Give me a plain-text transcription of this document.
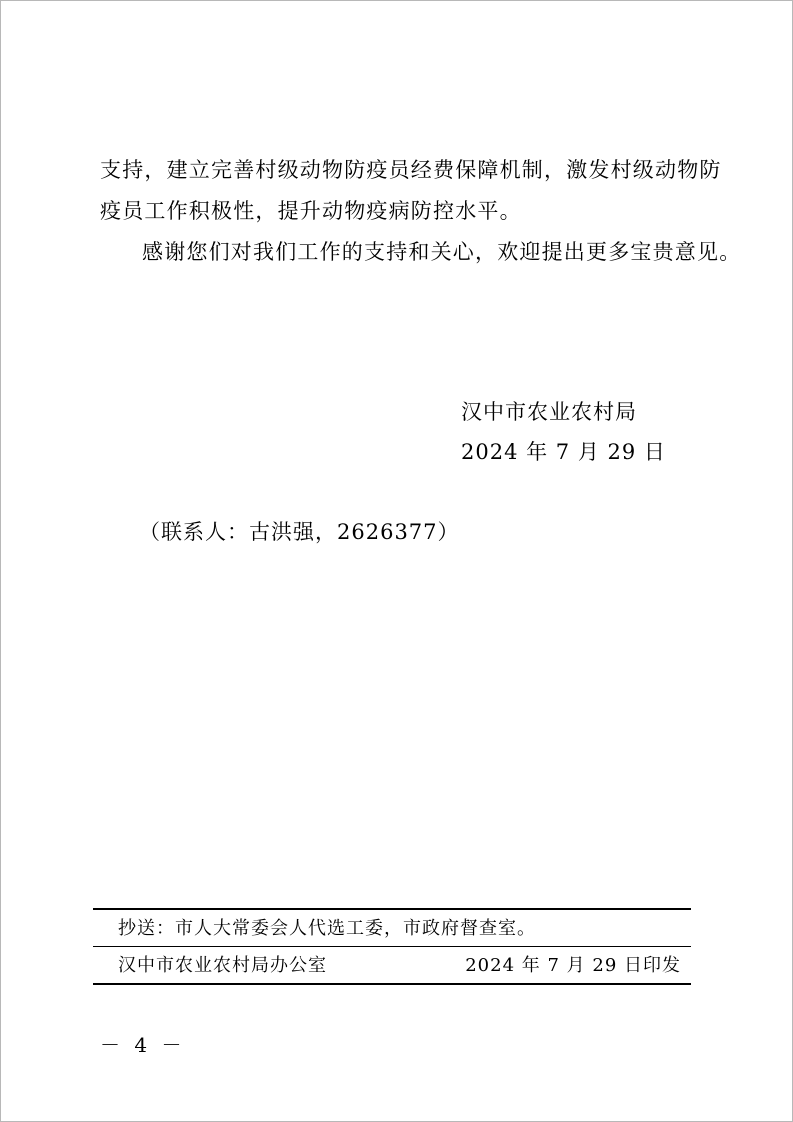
支持，建立完善村级动物防疫员经费保障机制，激发村级动物防

疫员工作积极性，提升动物疫病防控水平。

感谢您们对我们工作的支持和关心，欢迎提出更多宝贵意见。

汉中市农业农村局
2024 年 7 月 29 日
（联系人：古洪强，2626377）
抄送：市人大常委会人代选工委，市政府督查室。
汉中市农业农村局办公室	2024 年 7 月 29 日印发
－ 4 －
